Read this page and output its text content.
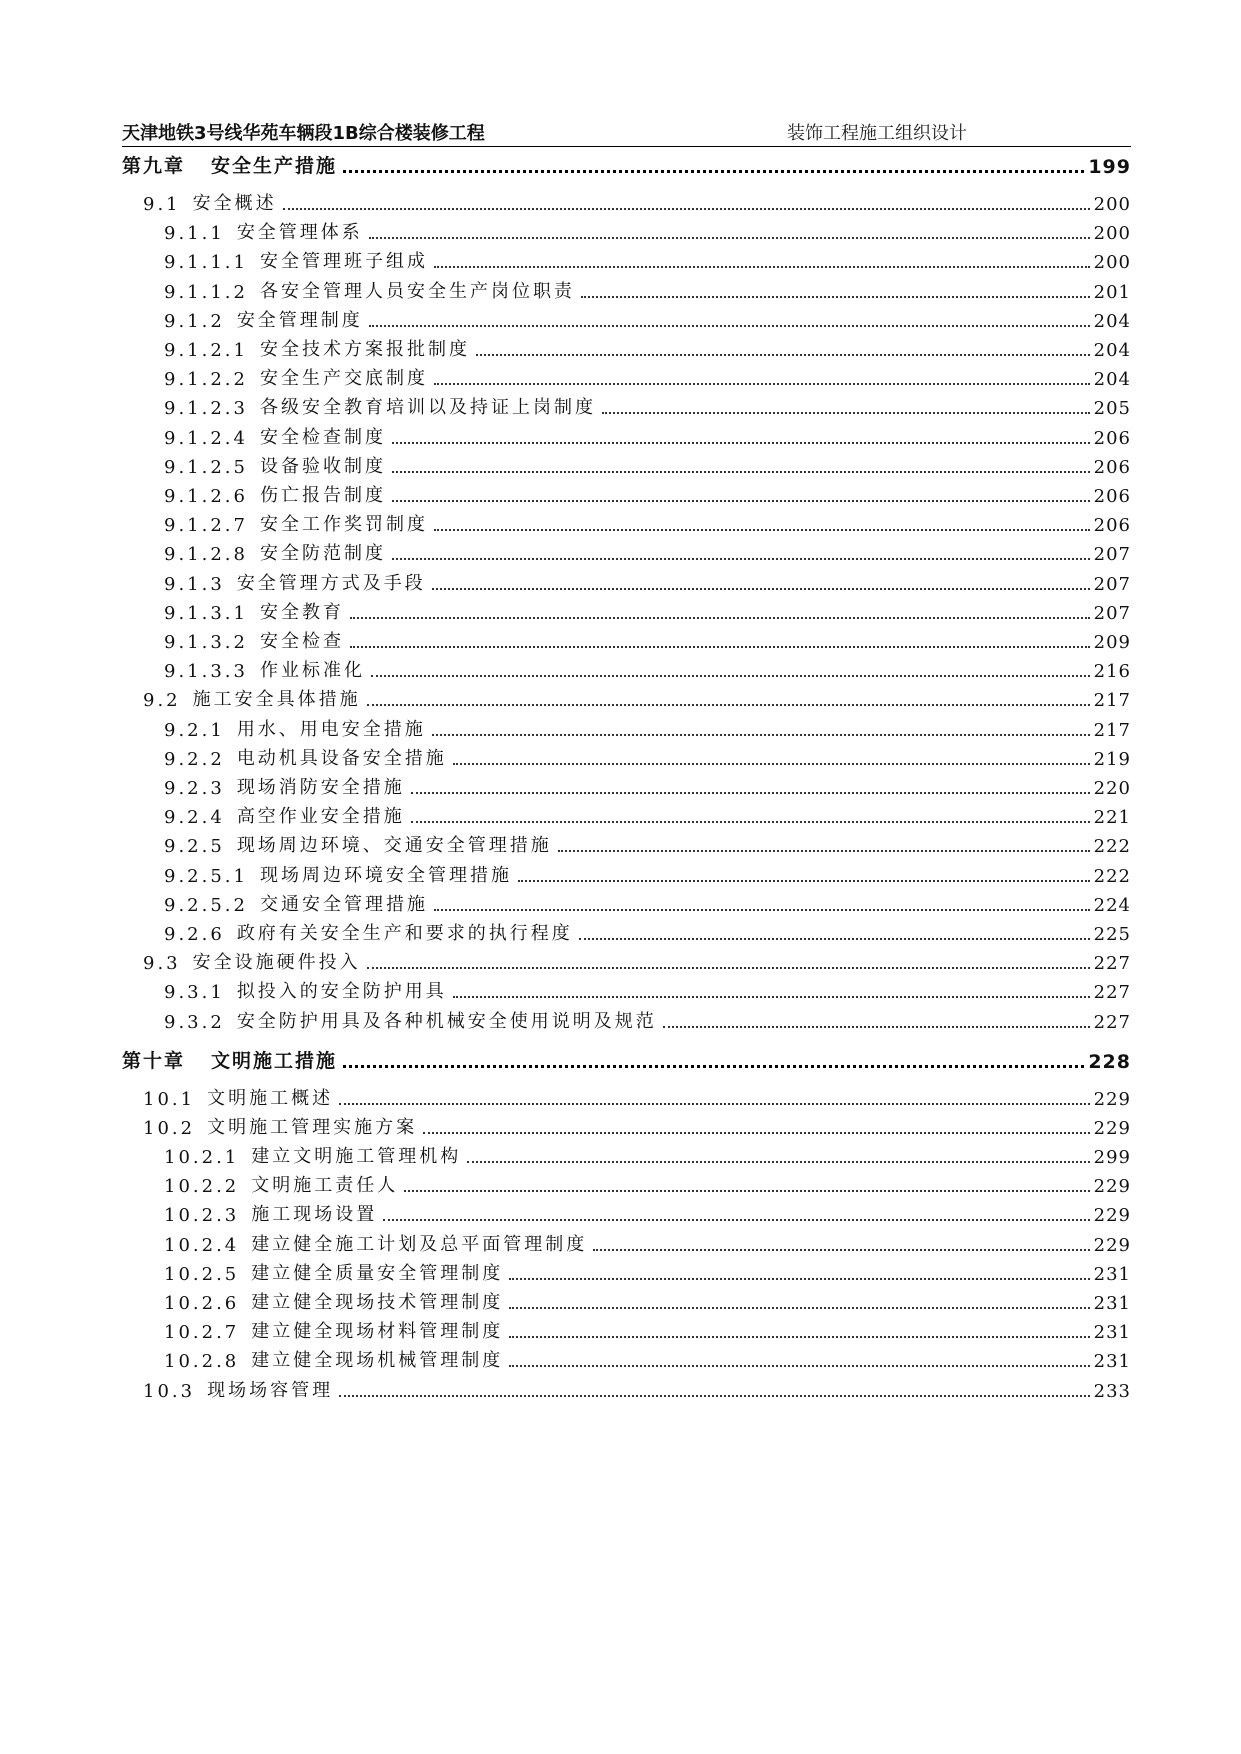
天津地铁3号线华苑车辆段1B综合楼装修工程	装饰工程施工组织设计
第九章 安全生产措施	199
9.1 安全概述	200
9.1.1 安全管理体系	200
9.1.1.1 安全管理班子组成	200
9.1.1.2 各安全管理人员安全生产岗位职责	201
9.1.2 安全管理制度	204
9.1.2.1 安全技术方案报批制度	204
9.1.2.2 安全生产交底制度	204
9.1.2.3 各级安全教育培训以及持证上岗制度	205
9.1.2.4 安全检查制度	206
9.1.2.5 设备验收制度	206
9.1.2.6 伤亡报告制度	206
9.1.2.7 安全工作奖罚制度	206
9.1.2.8 安全防范制度	207
9.1.3 安全管理方式及手段	207
9.1.3.1 安全教育	207
9.1.3.2 安全检查	209
9.1.3.3 作业标准化	216
9.2 施工安全具体措施	217
9.2.1 用水、用电安全措施	217
9.2.2 电动机具设备安全措施	219
9.2.3 现场消防安全措施	220
9.2.4 高空作业安全措施	221
9.2.5 现场周边环境、交通安全管理措施	222
9.2.5.1 现场周边环境安全管理措施	222
9.2.5.2 交通安全管理措施	224
9.2.6 政府有关安全生产和要求的执行程度	225
9.3 安全设施硬件投入	227
9.3.1 拟投入的安全防护用具	227
9.3.2 安全防护用具及各种机械安全使用说明及规范	227
第十章 文明施工措施	228
10.1 文明施工概述	229
10.2 文明施工管理实施方案	229
10.2.1 建立文明施工管理机构	299
10.2.2 文明施工责任人	229
10.2.3 施工现场设置	229
10.2.4 建立健全施工计划及总平面管理制度	229
10.2.5 建立健全质量安全管理制度	231
10.2.6 建立健全现场技术管理制度	231
10.2.7 建立健全现场材料管理制度	231
10.2.8 建立健全现场机械管理制度	231
10.3 现场场容管理	233
